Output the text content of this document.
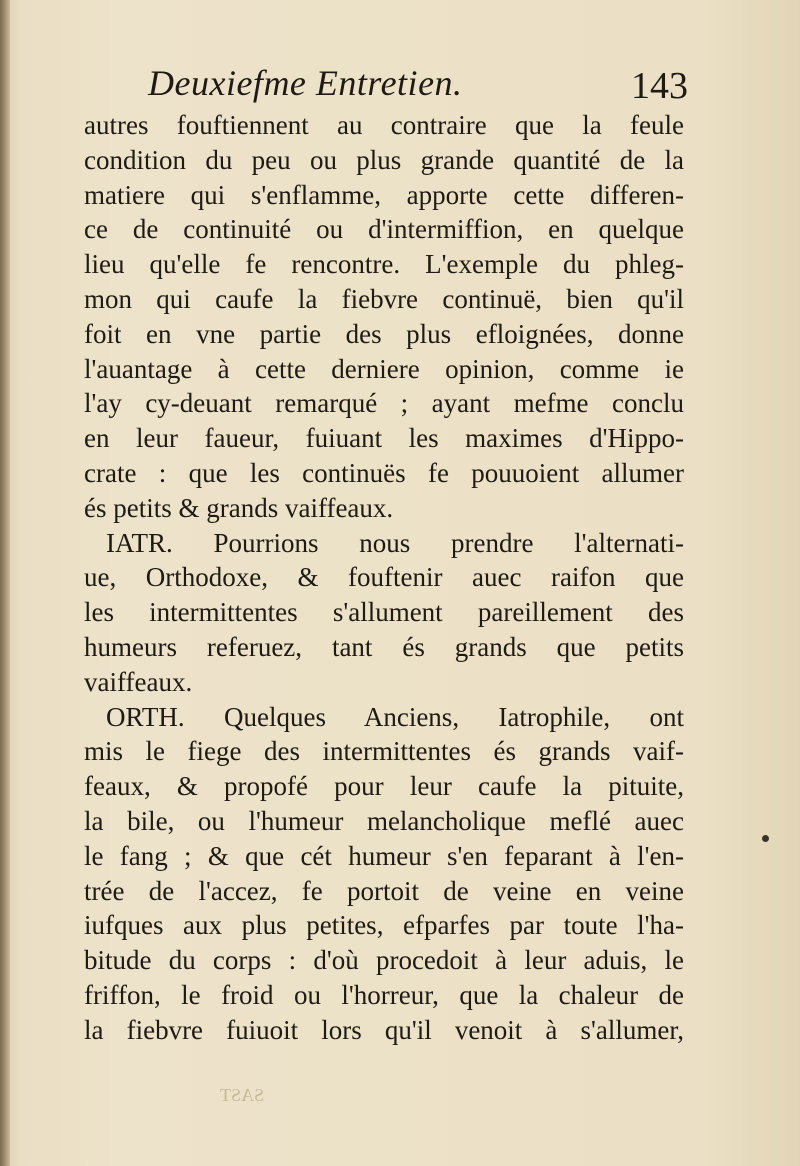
Deuxiefme Entretien.	143
autres fouftiennent au contraire que la feule
condition du peu ou plus grande quantité de la
matiere qui s'enflamme, apporte cette differen-
ce de continuité ou d'intermiffion, en quelque
lieu qu'elle fe rencontre. L'exemple du phleg-
mon qui caufe la fiebvre continuë, bien qu'il
foit en vne partie des plus efloignées, donne
l'auantage à cette derniere opinion, comme ie
l'ay cy-deuant remarqué ; ayant mefme conclu
en leur faueur, fuiuant les maximes d'Hippo-
crate : que les continuës fe pouuoient allumer
és petits & grands vaiffeaux.
IATR. Pourrions nous prendre l'alternati-
ue, Orthodoxe, & fouftenir auec raifon que
les intermittentes s'allument pareillement des
humeurs referuez, tant és grands que petits
vaiffeaux.
ORTH. Quelques Anciens, Iatrophile, ont
mis le fiege des intermittentes és grands vaif-
feaux, & propofé pour leur caufe la pituite,
la bile, ou l'humeur melancholique meflé auec
le fang ; & que cét humeur s'en feparant à l'en-
trée de l'accez, fe portoit de veine en veine
iufques aux plus petites, efparfes par toute l'ha-
bitude du corps : d'où procedoit à leur aduis, le
friffon, le froid ou l'horreur, que la chaleur de
la fiebvre fuiuoit lors qu'il venoit à s'allumer,
SAST
